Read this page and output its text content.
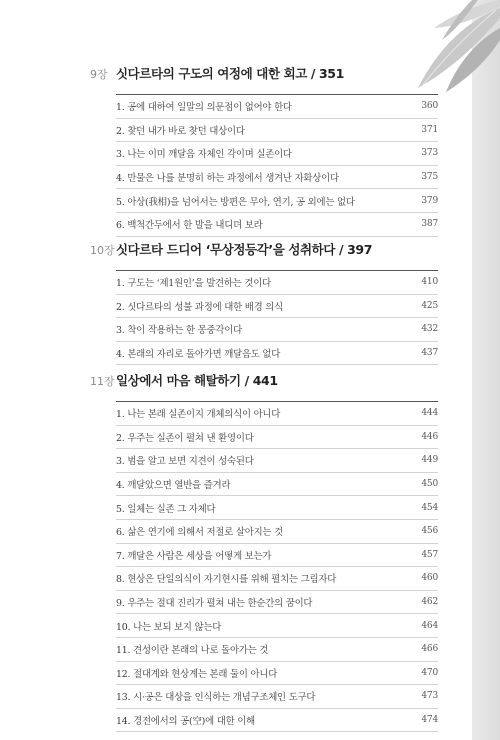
9장 싯다르타의 구도의 여정에 대한 회고 / 351
1. 공에 대하여 일말의 의문점이 없어야 한다	360
2. 찾던 내가 바로 찾던 대상이다	371
3. 나는 이미 깨달음 자체인 각이며 실존이다	373
4. 만물은 나를 분명히 하는 과정에서 생겨난 자화상이다	375
5. 아상(我相)을 넘어서는 방편은 무아, 연기, 공 외에는 없다	379
6. 백척간두에서 한 발을 내디뎌 보라	387
10장 싯다르타 드디어 ‘무상정등각’을 성취하다 / 397
1. 구도는 ‘제1원인’을 발견하는 것이다	410
2. 싯다르타의 성불 과정에 대한 배경 의식	425
3. 착이 작용하는 한 몽중각이다	432
4. 본래의 자리로 돌아가면 깨달음도 없다	437
11장 일상에서 마음 해탈하기 / 441
1. 나는 본래 실존이지 개체의식이 아니다	444
2. 우주는 실존이 펼쳐 낸 환영이다	446
3. 범을 알고 보면 지견이 성숙된다	449
4. 깨달았으면 열반을 즐겨라	450
5. 일체는 실존 그 자체다	454
6. 삶은 연기에 의해서 저절로 살아지는 것	456
7. 깨달은 사람은 세상을 어떻게 보는가	457
8. 현상은 단일의식이 자기현시를 위해 펼치는 그림자다	460
9. 우주는 절대 진리가 펼쳐 내는 한순간의 꿈이다	462
10. 나는 보되 보지 않는다	464
11. 견성이란 본래의 나로 돌아가는 것	466
12. 절대계와 현상계는 본래 둘이 아니다	470
13. 시·공은 대상을 인식하는 개념구조체인 도구다	473
14. 경전에서의 공(空)에 대한 이해	474
